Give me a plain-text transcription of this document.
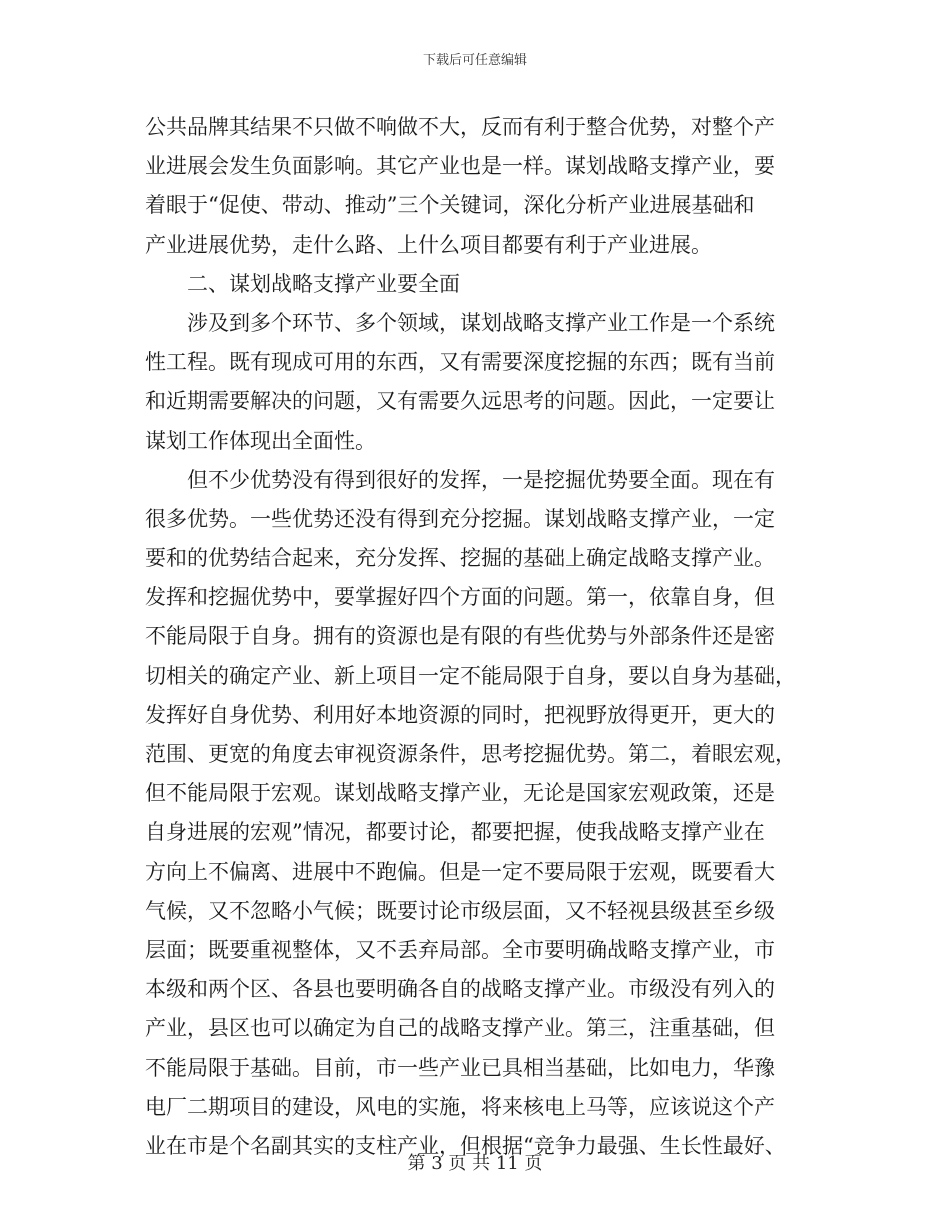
下载后可任意编辑
公共品牌其结果不只做不响做不大，反而有利于整合优势，对整个产
业进展会发生负面影响。其它产业也是一样。谋划战略支撑产业，要
着眼于“促使、带动、推动”三个关键词，深化分析产业进展基础和
产业进展优势，走什么路、上什么项目都要有利于产业进展。
二、谋划战略支撑产业要全面
涉及到多个环节、多个领域，谋划战略支撑产业工作是一个系统
性工程。既有现成可用的东西，又有需要深度挖掘的东西；既有当前
和近期需要解决的问题，又有需要久远思考的问题。因此，一定要让
谋划工作体现出全面性。
但不少优势没有得到很好的发挥，一是挖掘优势要全面。现在有
很多优势。一些优势还没有得到充分挖掘。谋划战略支撑产业，一定
要和的优势结合起来，充分发挥、挖掘的基础上确定战略支撑产业。
发挥和挖掘优势中，要掌握好四个方面的问题。第一，依靠自身，但
不能局限于自身。拥有的资源也是有限的有些优势与外部条件还是密
切相关的确定产业、新上项目一定不能局限于自身，要以自身为基础，
发挥好自身优势、利用好本地资源的同时，把视野放得更开，更大的
范围、更宽的角度去审视资源条件，思考挖掘优势。第二，着眼宏观，
但不能局限于宏观。谋划战略支撑产业，无论是国家宏观政策，还是
自身进展的宏观”情况，都要讨论，都要把握，使我战略支撑产业在
方向上不偏离、进展中不跑偏。但是一定不要局限于宏观，既要看大
气候，又不忽略小气候；既要讨论市级层面，又不轻视县级甚至乡级
层面；既要重视整体，又不丢弃局部。全市要明确战略支撑产业，市
本级和两个区、各县也要明确各自的战略支撑产业。市级没有列入的
产业，县区也可以确定为自己的战略支撑产业。第三，注重基础，但
不能局限于基础。目前，市一些产业已具相当基础，比如电力，华豫
电厂二期项目的建设，风电的实施，将来核电上马等，应该说这个产
业在市是个名副其实的支柱产业，但根据“竞争力最强、生长性最好、
第 3 页 共 11 页
